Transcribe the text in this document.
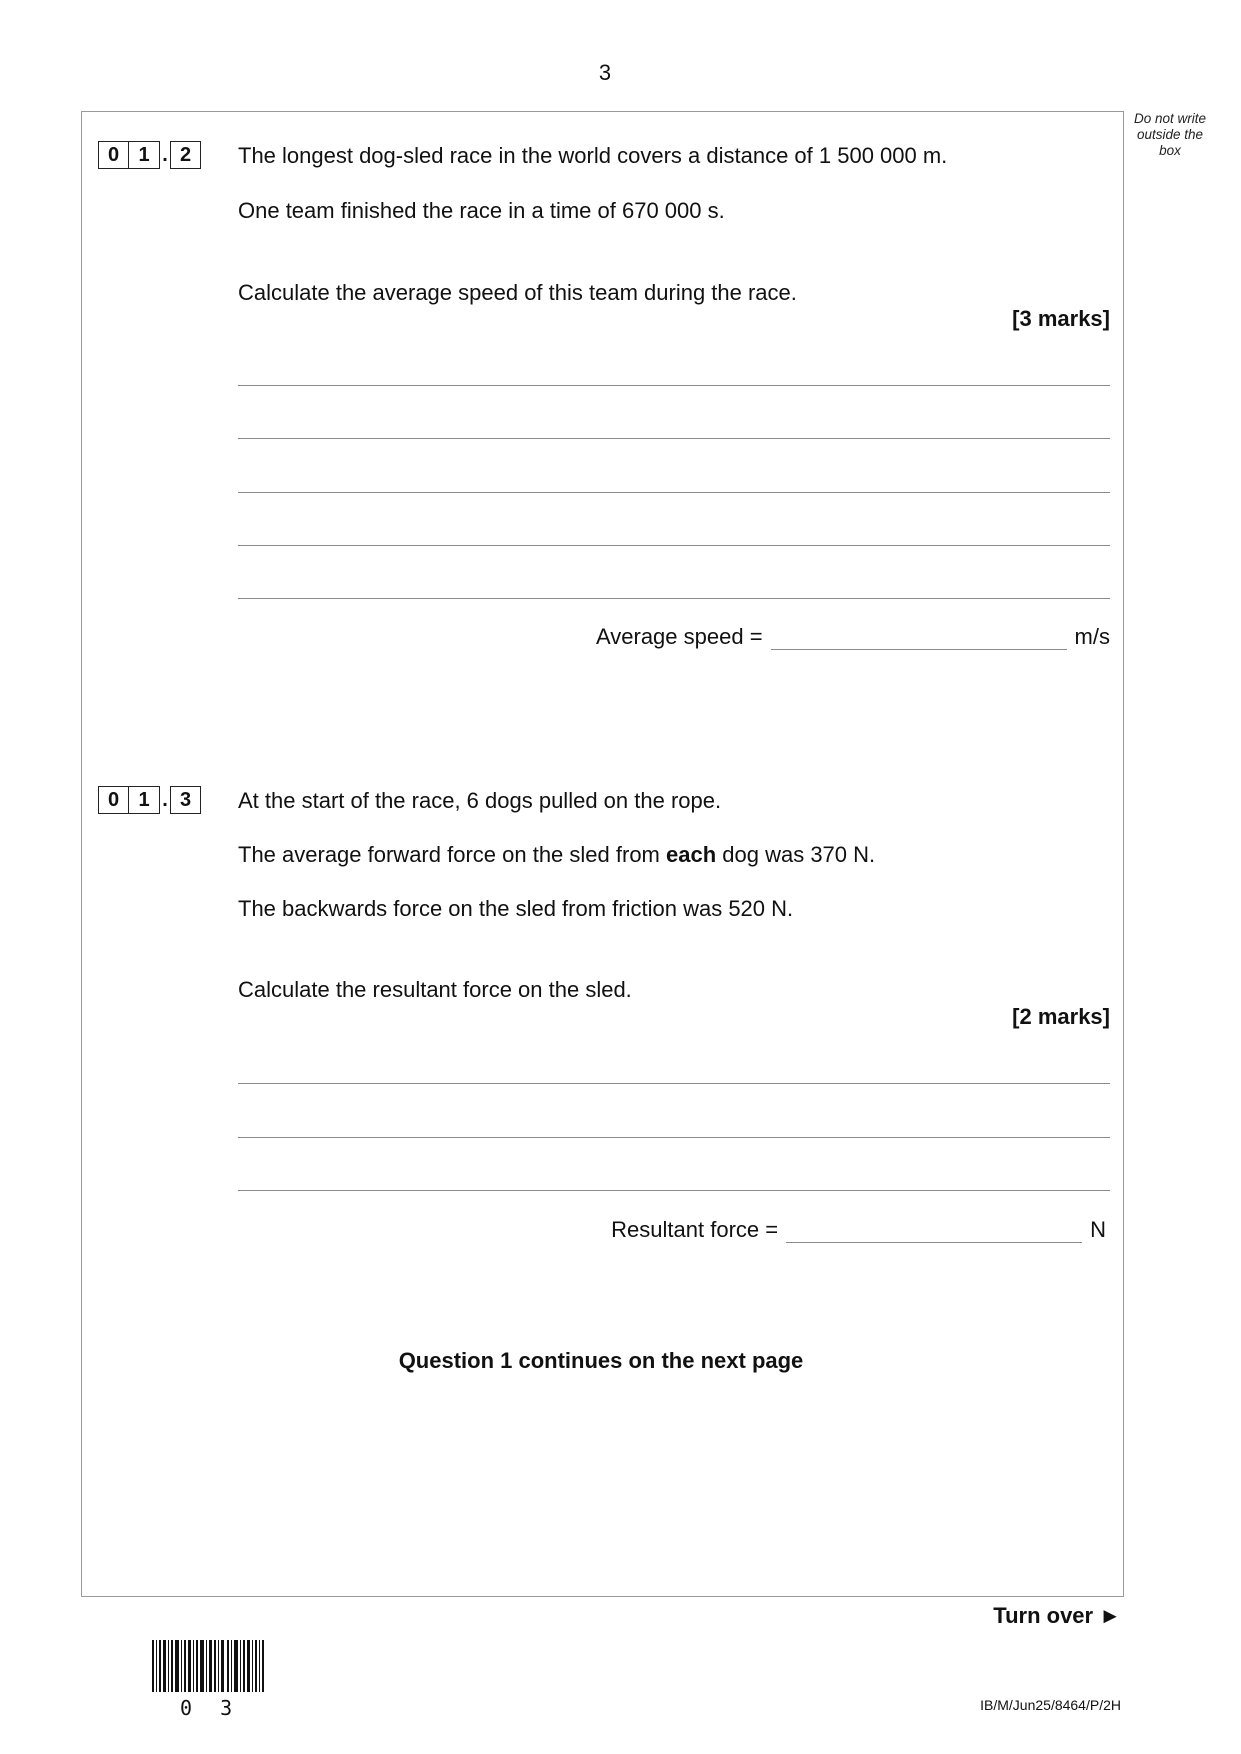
3
Do not write outside the box
0 1 . 2	The longest dog-sled race in the world covers a distance of 1 500 000 m.
One team finished the race in a time of 670 000 s.
Calculate the average speed of this team during the race.
[3 marks]
Average speed =	m/s
0 1 . 3	At the start of the race, 6 dogs pulled on the rope.
The average forward force on the sled from each dog was 370 N.
The backwards force on the sled from friction was 520 N.
Calculate the resultant force on the sled.
[2 marks]
Resultant force =	N
Question 1 continues on the next page
Turn over ►
0 3	IB/M/Jun25/8464/P/2H
